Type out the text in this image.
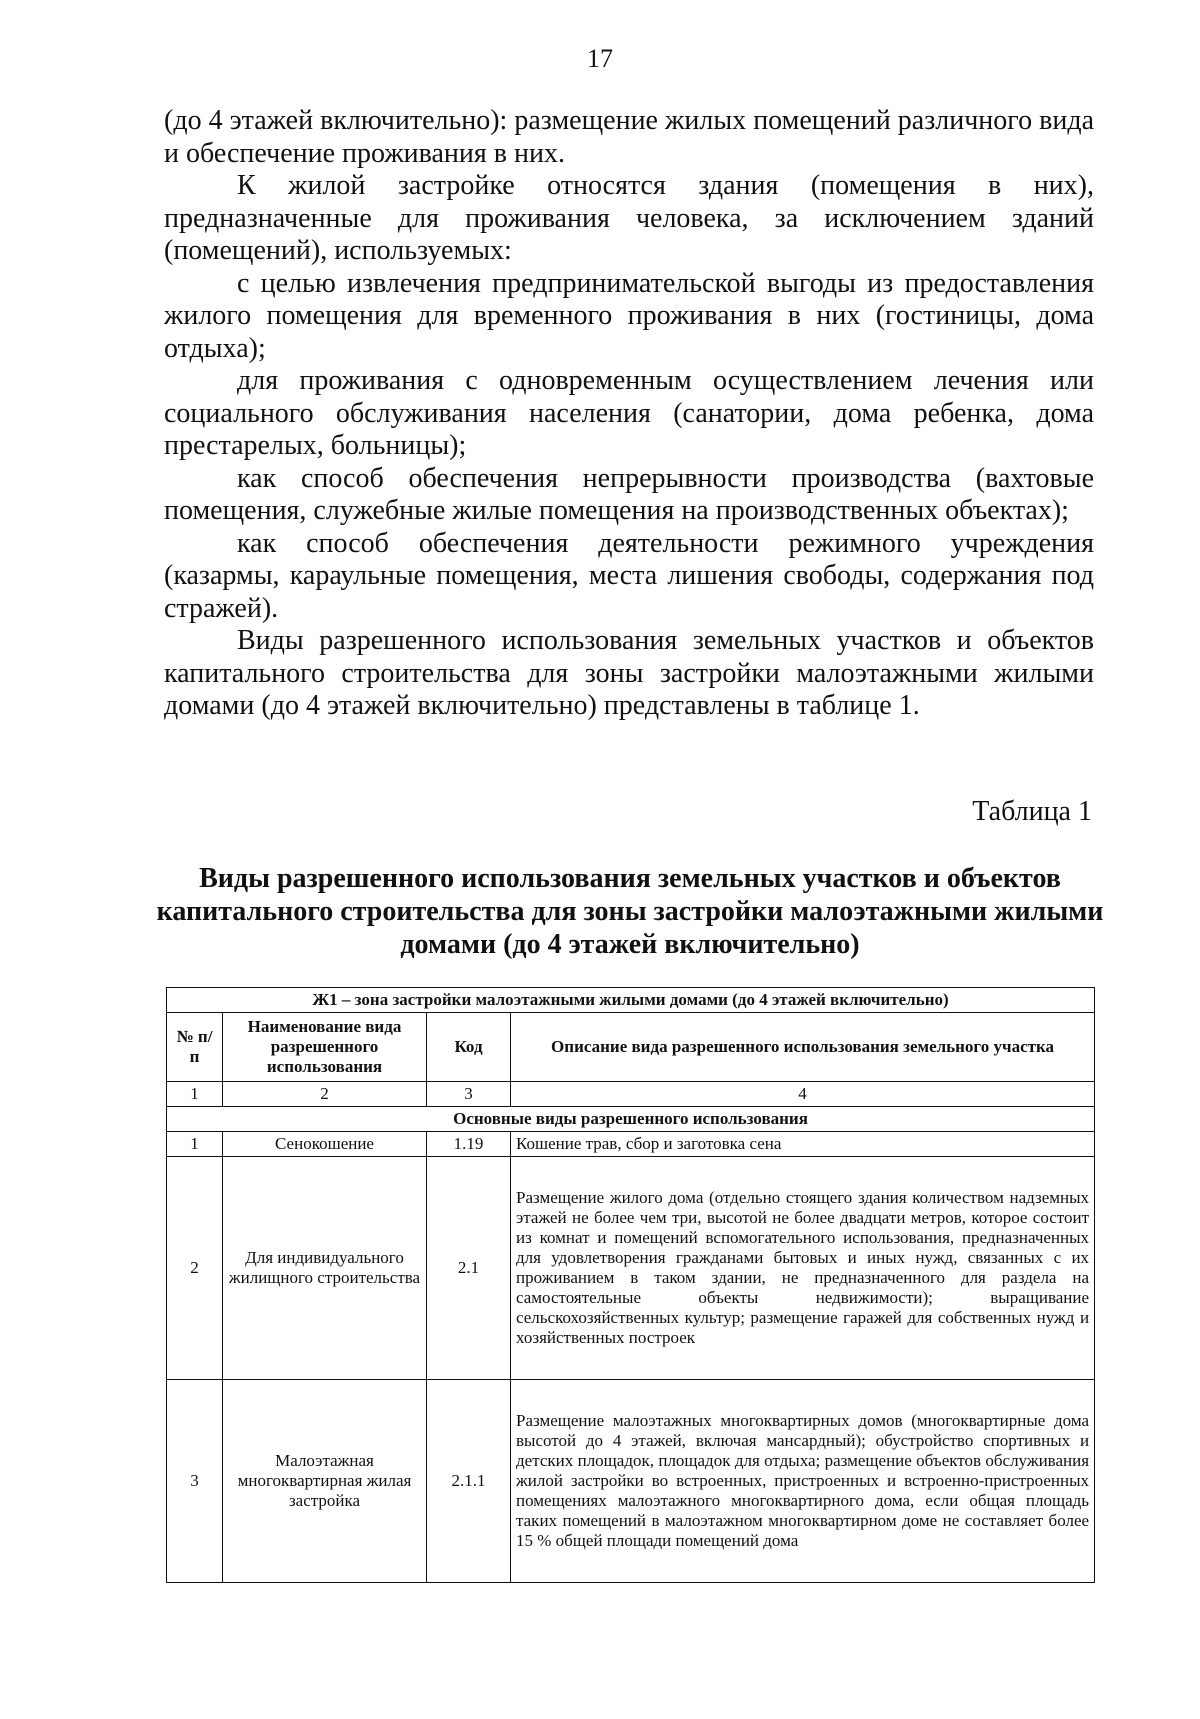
17

(до 4 этажей включительно): размещение жилых помещений различного вида и обеспечение проживания в них.

К жилой застройке относятся здания (помещения в них), предназначенные для проживания человека, за исключением зданий (помещений), используемых:

с целью извлечения предпринимательской выгоды из предоставления жилого помещения для временного проживания в них (гостиницы, дома отдыха);

для проживания с одновременным осуществлением лечения или социального обслуживания населения (санатории, дома ребенка, дома престарелых, больницы);

как способ обеспечения непрерывности производства (вахтовые помещения, служебные жилые помещения на производственных объектах);

как способ обеспечения деятельности режимного учреждения (казармы, караульные помещения, места лишения свободы, содержания под стражей).

Виды разрешенного использования земельных участков и объектов капитального строительства для зоны застройки малоэтажными жилыми домами (до 4 этажей включительно) представлены в таблице 1.

Таблица 1
Виды разрешенного использования земельных участков и объектов капитального строительства для зоны застройки малоэтажными жилыми домами (до 4 этажей включительно)
Ж1 – зона застройки малоэтажными жилыми домами (до 4 этажей включительно)			
№ п/п	Наименование вида разрешенного использования	Код	Описание вида разрешенного использования земельного участка
1	2	3	4
Основные виды разрешенного использования			
1	Сенокошение	1.19	Кошение трав, сбор и заготовка сена
2	Для индивидуального жилищного строительства	2.1	Размещение жилого дома (отдельно стоящего здания количеством надземных этажей не более чем три, высотой не более двадцати метров, которое состоит из комнат и помещений вспомогательного использования, предназначенных для удовлетворения гражданами бытовых и иных нужд, связанных с их проживанием в таком здании, не предназначенного для раздела на самостоятельные объекты недвижимости); выращивание сельскохозяйственных культур; размещение гаражей для собственных нужд и хозяйственных построек
3	Малоэтажная многоквартирная жилая застройка	2.1.1	Размещение малоэтажных многоквартирных домов (многоквартирные дома высотой до 4 этажей, включая мансардный); обустройство спортивных и детских площадок, площадок для отдыха; размещение объектов обслуживания жилой застройки во встроенных, пристроенных и встроенно-пристроенных помещениях малоэтажного многоквартирного дома, если общая площадь таких помещений в малоэтажном многоквартирном доме не составляет более 15 % общей площади помещений дома
